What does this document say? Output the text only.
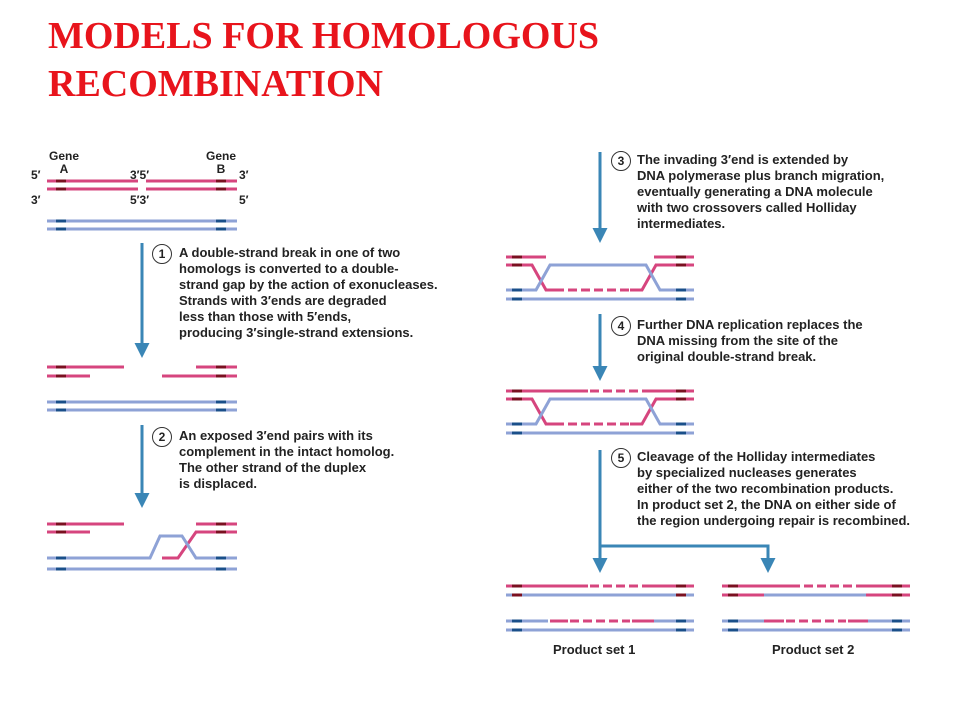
MODELS FOR HOMOLOGOUS
RECOMBINATION
Gene
A
Gene
B
5′
3′
3′5′
5′3′
3′
5′
1	A double-strand break in one of two

homologs is converted to a double-

strand gap by the action of exonucleases.

Strands with 3′ends are degraded

less than those with 5′ends,

producing 3′single-strand extensions.

2	An exposed 3′end pairs with its

complement in the intact homolog.

The other strand of the duplex

is displaced.

3 The invading 3′end is extended by

DNA polymerase plus branch migration,

eventually generating a DNA molecule

with two crossovers called Holliday

intermediates.

4 Further DNA replication replaces the

DNA missing from the site of the

original double-strand break.

5 Cleavage of the Holliday intermediates

by specialized nucleases generates

either of the two recombination products.

In product set 2, the DNA on either side of

the region undergoing repair is recombined.

Product set 1	Product set 2
